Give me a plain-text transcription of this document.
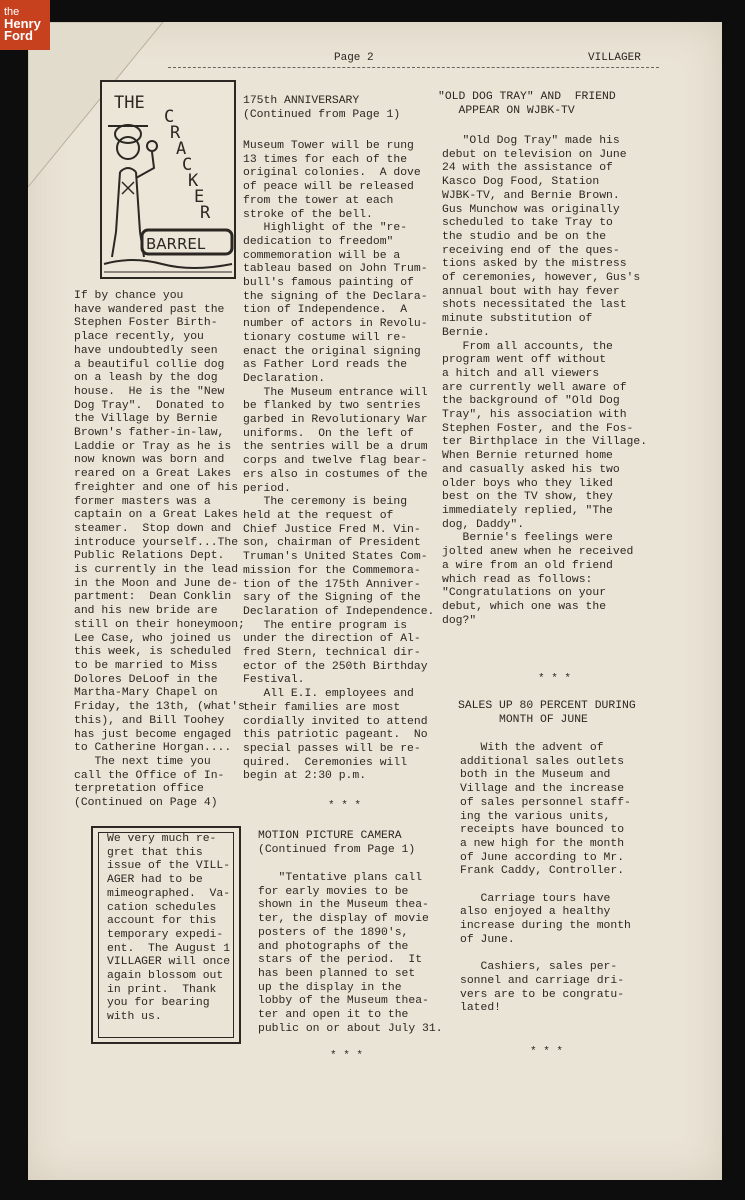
the
Henry
Ford
Page 2	VILLAGER
THE
C R A C K E R
BARREL
If by chance you
have wandered past the
Stephen Foster Birth-
place recently, you
have undoubtedly seen
a beautiful collie dog
on a leash by the dog
house.  He is the "New
Dog Tray".  Donated to
the Village by Bernie
Brown's father-in-law,
Laddie or Tray as he is
now known was born and
reared on a Great Lakes
freighter and one of his
former masters was a
captain on a Great Lakes
steamer.  Stop down and
introduce yourself...The
Public Relations Dept.
is currently in the lead
in the Moon and June de-
partment:  Dean Conklin
and his new bride are
still on their honeymoon;
Lee Case, who joined us
this week, is scheduled
to be married to Miss
Dolores DeLoof in the
Martha-Mary Chapel on
Friday, the 13th, (what's
this), and Bill Toohey
has just become engaged
to Catherine Horgan....
The next time you
call the Office of In-
terpretation office
(Continued on Page 4)
We very much re-
gret that this
issue of the VILL-
AGER had to be
mimeographed.  Va-
cation schedules
account for this
temporary expedi-
ent.  The August 1
VILLAGER will once
again blossom out
in print.  Thank
you for bearing
with us.
175th ANNIVERSARY
(Continued from Page 1)
Museum Tower will be rung
13 times for each of the
original colonies.  A dove
of peace will be released
from the tower at each
stroke of the bell.
Highlight of the "re-
dedication to freedom"
commemoration will be a
tableau based on John Trum-
bull's famous painting of
the signing of the Declara-
tion of Independence.  A
number of actors in Revolu-
tionary costume will re-
enact the original signing
as Father Lord reads the
Declaration.
The Museum entrance will
be flanked by two sentries
garbed in Revolutionary War
uniforms.  On the left of
the sentries will be a drum
corps and twelve flag bear-
ers also in costumes of the
period.
The ceremony is being
held at the request of
Chief Justice Fred M. Vin-
son, chairman of President
Truman's United States Com-
mission for the Commemora-
tion of the 175th Anniver-
sary of the Signing of the
Declaration of Independence.
The entire program is
under the direction of Al-
fred Stern, technical dir-
ector of the 250th Birthday
Festival.
All E.I. employees and
their families are most
cordially invited to attend
this patriotic pageant.  No
special passes will be re-
quired.  Ceremonies will
begin at 2:30 p.m.
* * *
MOTION PICTURE CAMERA
(Continued from Page 1)
"Tentative plans call
for early movies to be
shown in the Museum thea-
ter, the display of movie
posters of the 1890's,
and photographs of the
stars of the period.  It
has been planned to set
up the display in the
lobby of the Museum thea-
ter and open it to the
public on or about July 31.
* * *
"OLD DOG TRAY" AND  FRIEND
APPEAR ON WJBK-TV
"Old Dog Tray" made his
debut on television on June
24 with the assistance of
Kasco Dog Food, Station
WJBK-TV, and Bernie Brown.
Gus Munchow was originally
scheduled to take Tray to
the studio and be on the
receiving end of the ques-
tions asked by the mistress
of ceremonies, however, Gus's
annual bout with hay fever
shots necessitated the last
minute substitution of
Bernie.
From all accounts, the
program went off without
a hitch and all viewers
are currently well aware of
the background of "Old Dog
Tray", his association with
Stephen Foster, and the Fos-
ter Birthplace in the Village.
When Bernie returned home
and casually asked his two
older boys who they liked
best on the TV show, they
immediately replied, "The
dog, Daddy".
Bernie's feelings were
jolted anew when he received
a wire from an old friend
which read as follows:
"Congratulations on your
debut, which one was the
dog?"
* * *
SALES UP 80 PERCENT DURING
MONTH OF JUNE
With the advent of
additional sales outlets
both in the Museum and
Village and the increase
of sales personnel staff-
ing the various units,
receipts have bounced to
a new high for the month
of June according to Mr.
Frank Caddy, Controller.

Carriage tours have
also enjoyed a healthy
increase during the month
of June.

Cashiers, sales per-
sonnel and carriage dri-
vers are to be congratu-
lated!
* * *
